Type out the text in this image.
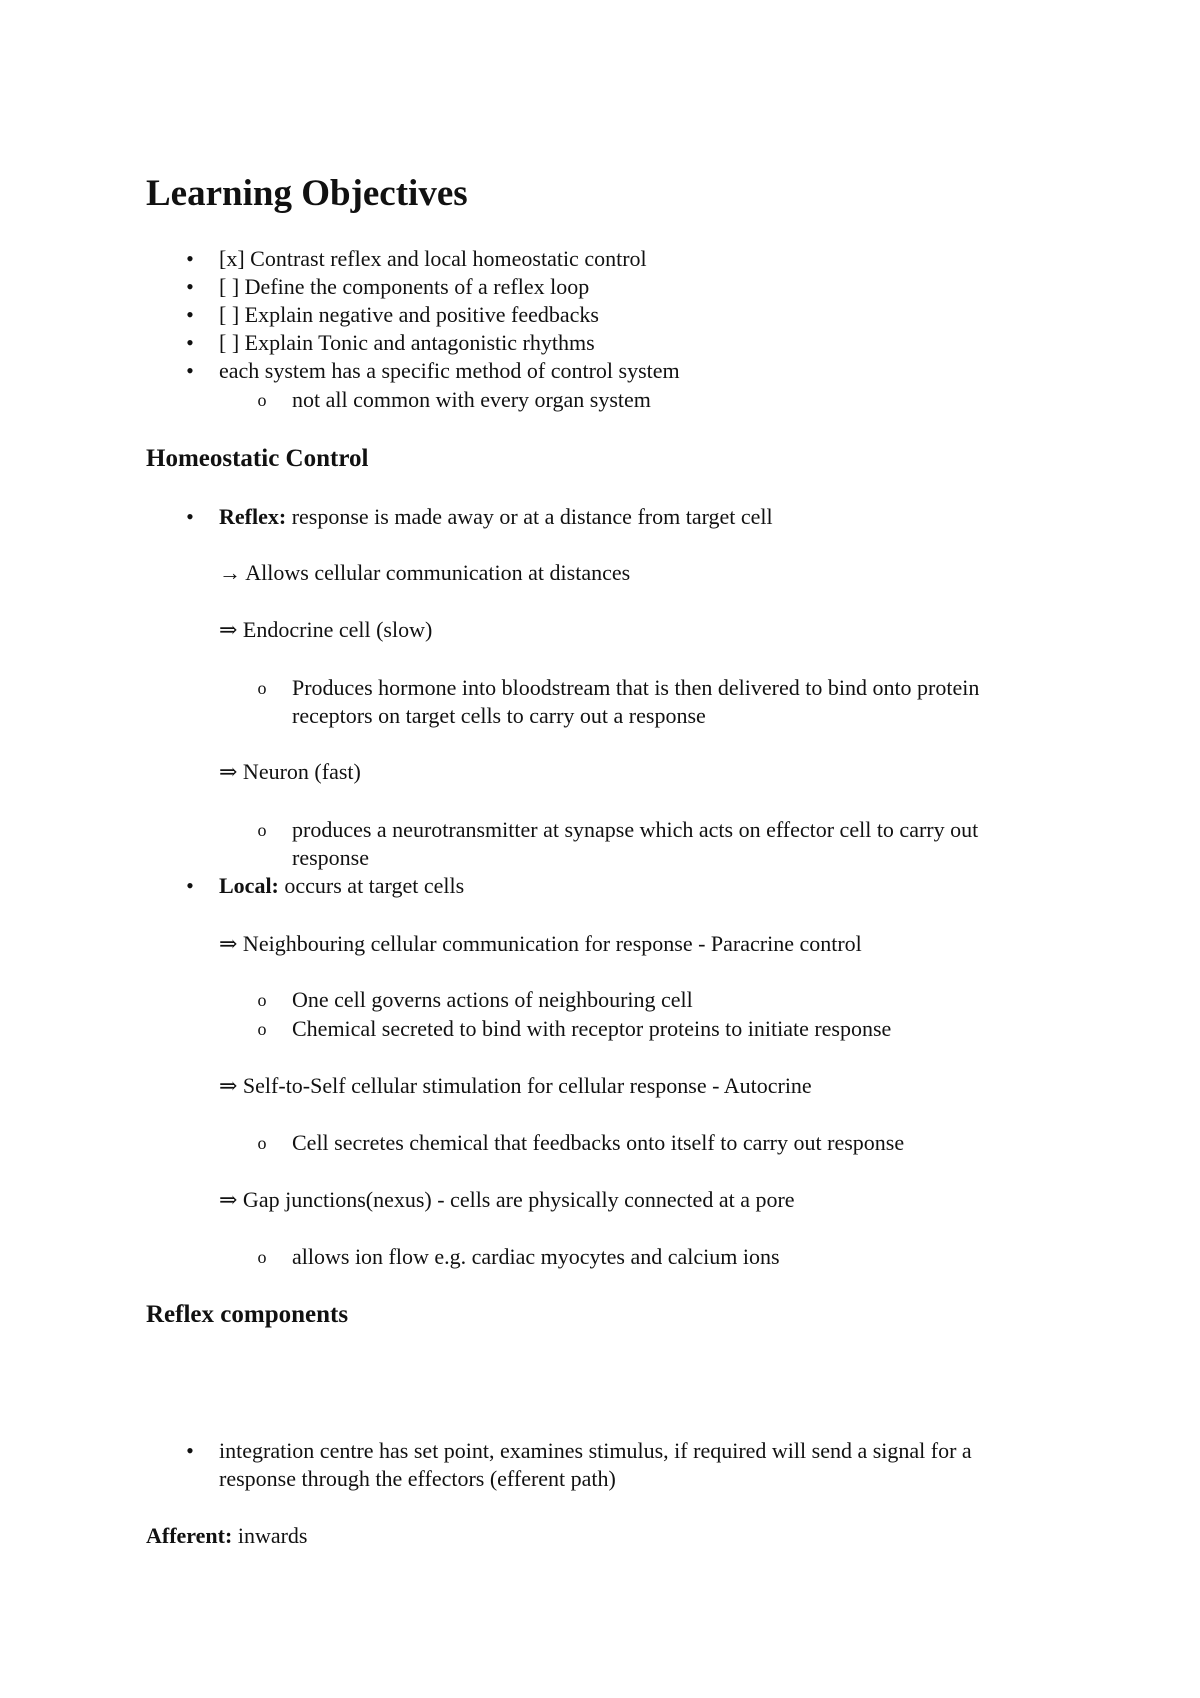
Learning Objectives
• [x] Contrast reflex and local homeostatic control
• [ ] Define the components of a reflex loop
• [ ] Explain negative and positive feedbacks
• [ ] Explain Tonic and antagonistic rhythms
• each system has a specific method of control system
o not all common with every organ system
Homeostatic Control
• Reflex: response is made away or at a distance from target cell
→ Allows cellular communication at distances
⇒ Endocrine cell (slow)
o Produces hormone into bloodstream that is then delivered to bind onto protein
receptors on target cells to carry out a response
⇒ Neuron (fast)
o produces a neurotransmitter at synapse which acts on effector cell to carry out
response
• Local: occurs at target cells
⇒ Neighbouring cellular communication for response - Paracrine control
o One cell governs actions of neighbouring cell
o Chemical secreted to bind with receptor proteins to initiate response
⇒ Self-to-Self cellular stimulation for cellular response - Autocrine
o Cell secretes chemical that feedbacks onto itself to carry out response
⇒ Gap junctions(nexus) - cells are physically connected at a pore
o allows ion flow e.g. cardiac myocytes and calcium ions
Reflex components
• integration centre has set point, examines stimulus, if required will send a signal for a
response through the effectors (efferent path)
Afferent: inwards
